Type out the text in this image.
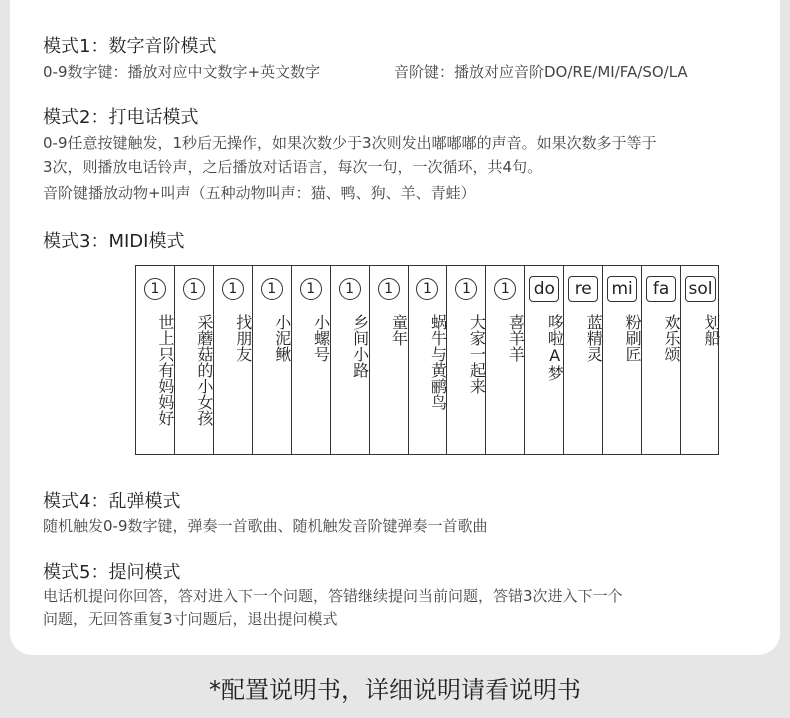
模式1：数字音阶模式
0-9数字键：播放对应中文数字+英文数字	音阶键：播放对应音阶DO/RE/MI/FA/SO/LA
模式2：打电话模式
0-9任意按键触发，1秒后无操作，如果次数少于3次则发出嘟嘟嘟的声音。如果次数多于等于
3次，则播放电话铃声，之后播放对话语言，每次一句，一次循环，共4句。
音阶键播放动物+叫声（五种动物叫声：猫、鸭、狗、羊、青蛙）
模式3：MIDI模式
1
世上只有妈妈好
1
采蘑菇的小女孩
1
找朋友
1
小泥鳅
1
小螺号
1
乡间小路
1
童年
1
蜗牛与黄鹂鸟
1
大家一起来
1
喜羊羊
do
哆啦A梦
re
蓝精灵
mi
粉刷匠
fa
欢乐颂
sol
划船
模式4：乱弹模式
随机触发0-9数字键，弹奏一首歌曲、随机触发音阶键弹奏一首歌曲
模式5：提问模式
电话机提问你回答，答对进入下一个问题，答错继续提问当前问题，答错3次进入下一个
问题，无回答重复3寸问题后，退出提问模式
*配置说明书，详细说明请看说明书
